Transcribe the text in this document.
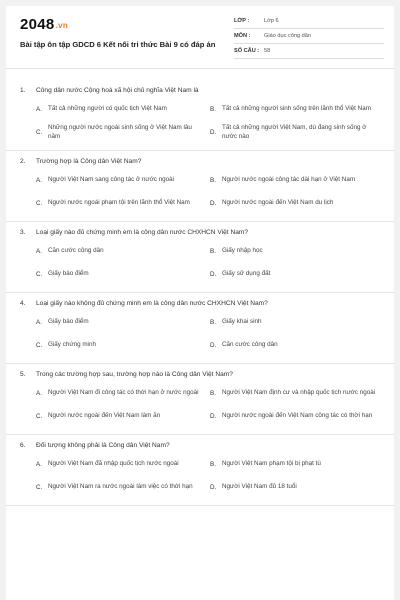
2048.vn
Bài tập ôn tập GDCD 6 Kết nối tri thức Bài 9 có đáp án
LỚP :	Lớp 6
MÔN :	Giáo dục công dân
SỐ CÂU : 58
1.	Công dân nước Cộng hoà xã hội chủ nghĩa Việt Nam là
A. Tất cả những người có quốc tịch Việt Nam	B. Tất cả những người sinh sống trên lãnh thổ Việt Nam
C.
Những người nước ngoài sinh sống ở Việt Nam lâu năm	D.
Tất cả những người Việt Nam, dù đang sinh sống ở nước nào
2.	Trường hợp là Công dân Việt Nam?
A. Người Việt Nam sang công tác ở nước ngoài	B. Người nước ngoài công tác dài hạn ở Việt Nam
C. Người nước ngoài phạm tội trên lãnh thổ Việt Nam	D. Người nước ngoài đến Việt Nam du lịch
3.	Loại giấy nào đủ chứng minh em là công dân nước CHXHCN Việt Nam?
A. Căn cước công dân	B. Giấy nhập học
C. Giấy báo điểm	D. Giấy sử dụng đất
4.	Loại giấy nào không đủ chứng minh em là công dân nước CHXHCN Việt Nam?
A. Giấy báo điểm	B. Giấy khai sinh
C. Giấy chứng minh	D. Căn cước công dân
5.	Trong các trường hợp sau, trường hợp nào là Công dân Việt Nam?
A. Người Việt Nam đi công tác có thời hạn ở nước ngoài	B. Người Việt Nam định cư và nhập quốc tịch nước ngoài
C. Người nước ngoài đến Việt Nam làm ăn	D. Người nước ngoài đến Việt Nam công tác có thời hạn
6.	Đối tượng không phải là Công dân Việt Nam?
A. Người Việt Nam đã nhập quốc tịch nước ngoài	B. Người Việt Nam phạm tội bị phạt tù
C. Người Việt Nam ra nước ngoài làm việc có thời hạn	D. Người Việt Nam đủ 18 tuổi
